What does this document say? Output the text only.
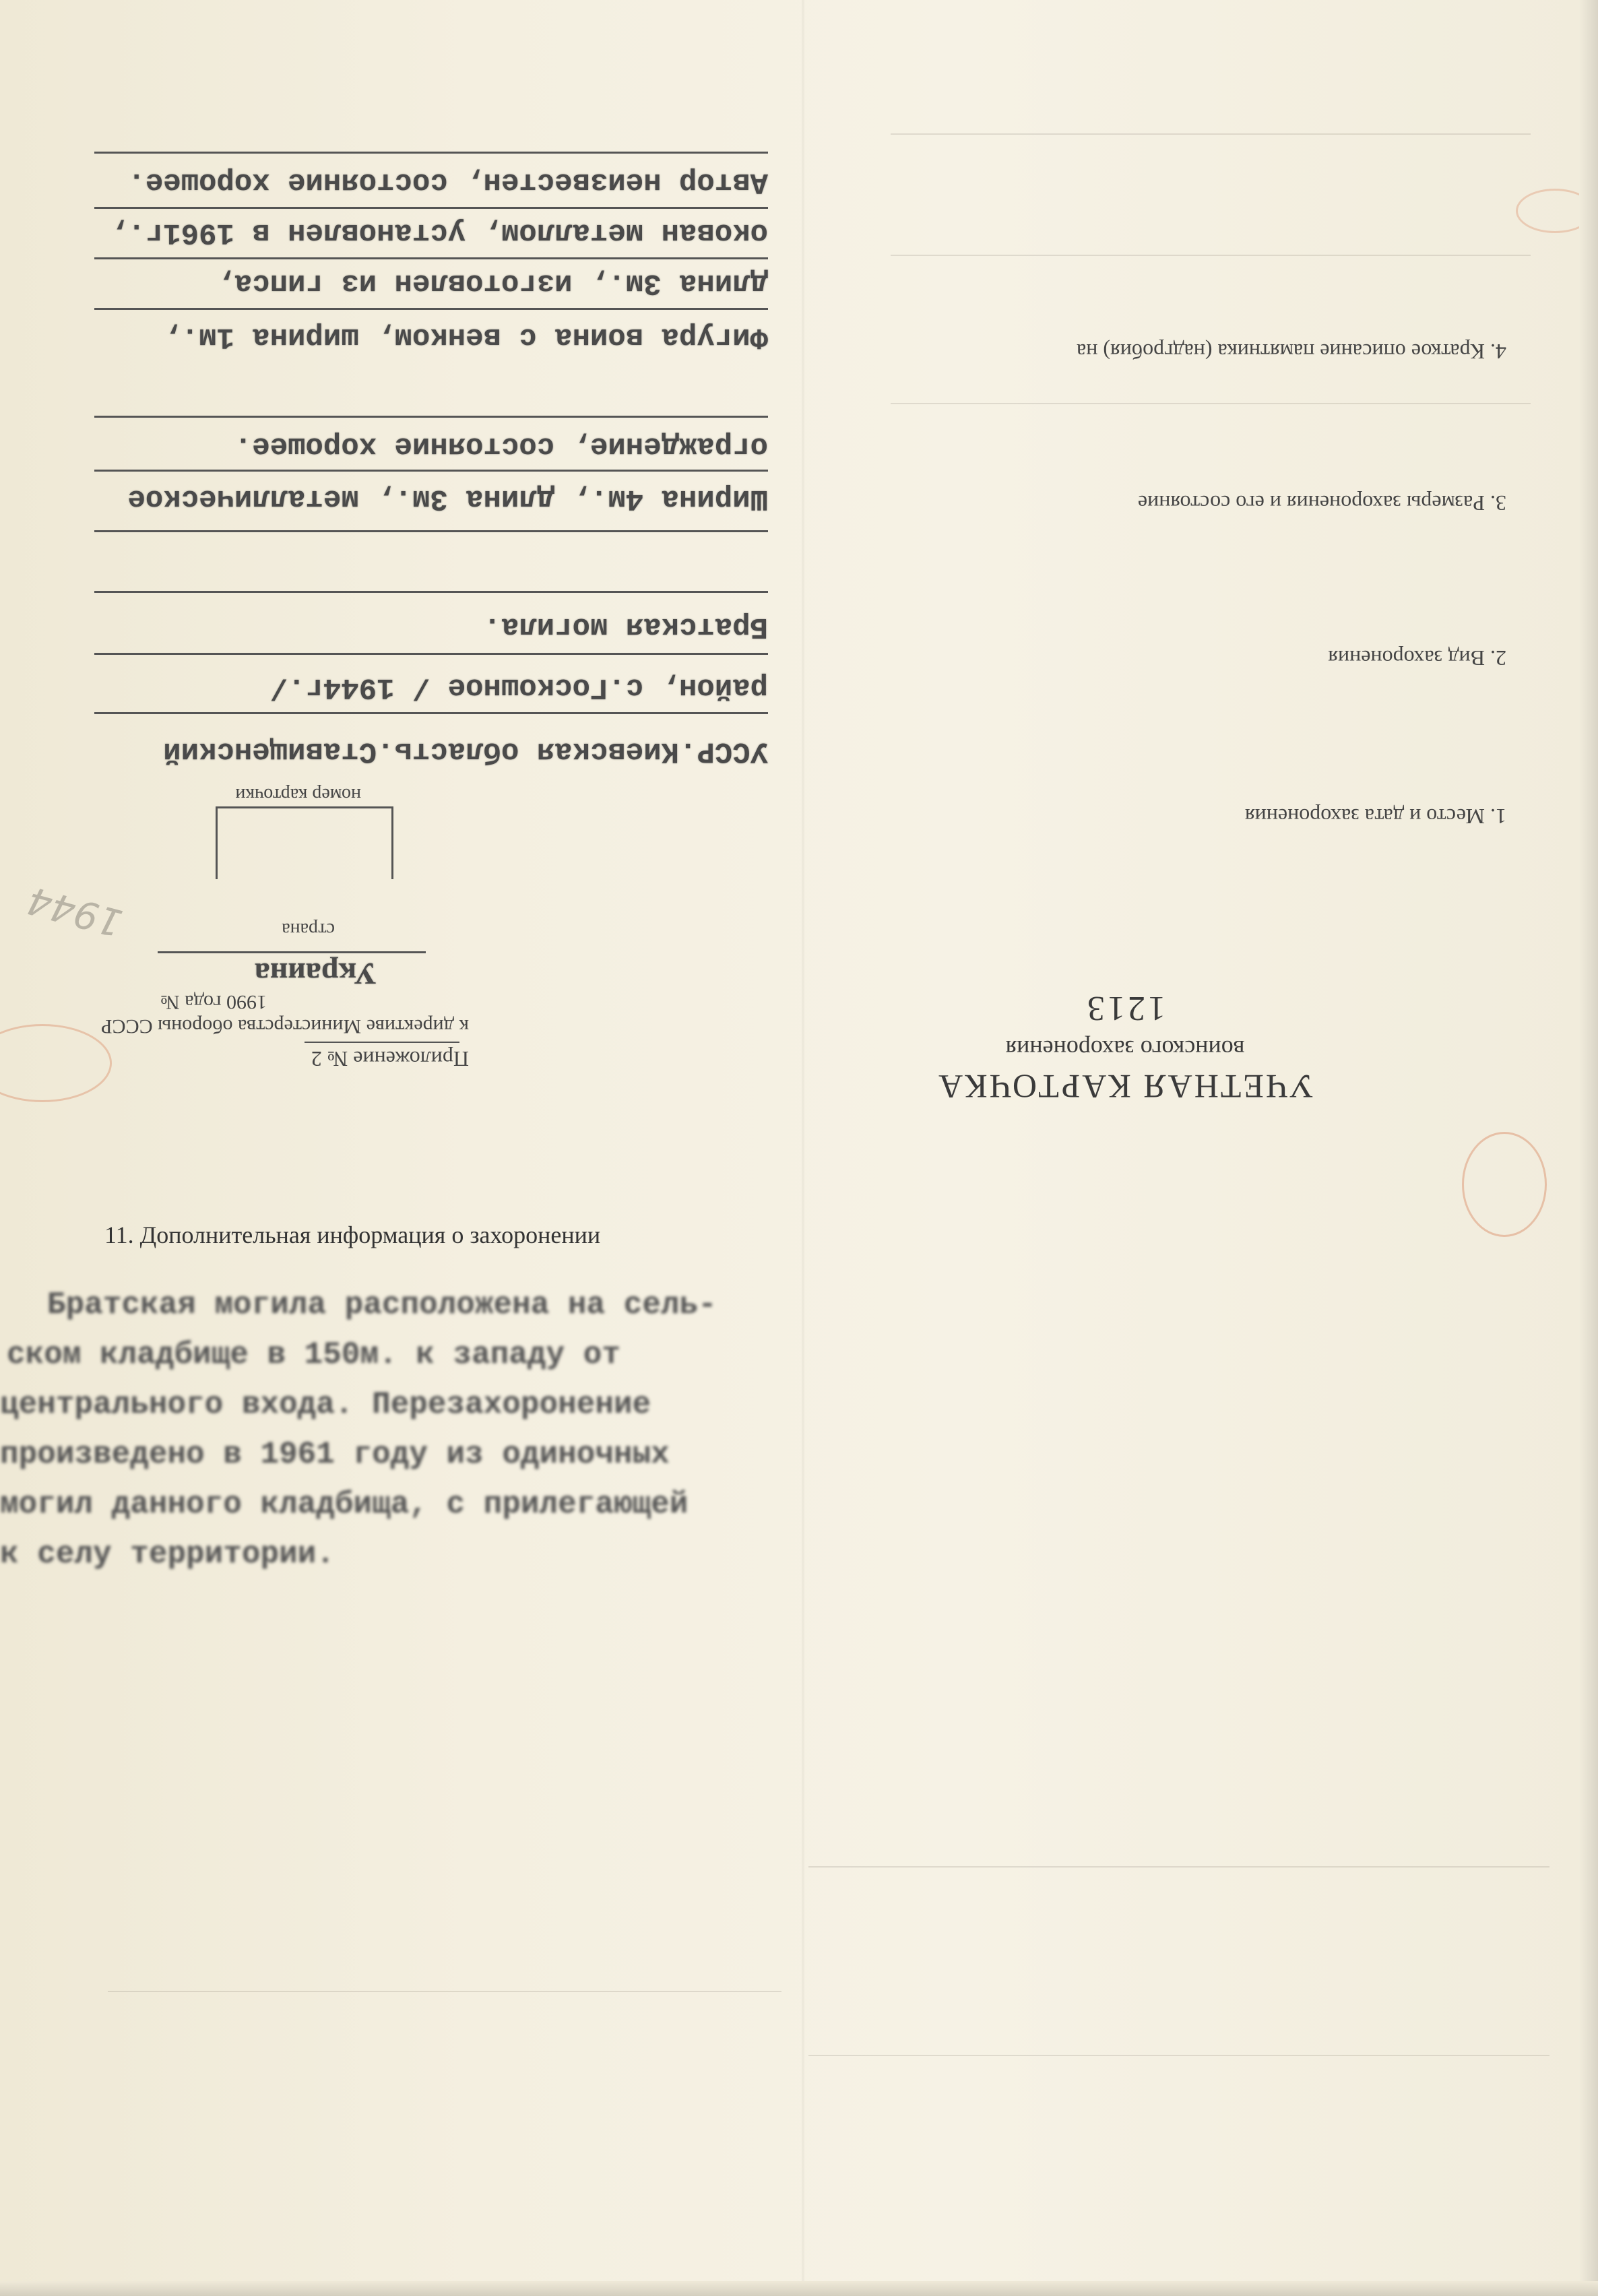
УЧЕТНАЯ КАРТОЧКА
воинского захоронения
1213
Приложение № 2
к директиве Министерства обороны СССР
1990 года №
Украина
страна
номер карточки
1. Место и дата захоронения
УССР.Киевская область.Ставищенский
район, с.Госкошное / 1944г./
2. Вид захоронения
Братская могила.
3. Размеры захоронения и его состояние
Ширина 4м., длина 3м., металлическое
ограждение, состояние хорошее.
4. Краткое описание памятника (надгробия) на
Фигура воина с венком, ширина 1м.,
длина 3м., изготовлен из гипса,
окован металлом, установлен в 1961г.,
Автор неизвестен, состояние хорошее.
1944
11. Дополнительная информация о захоронении
Братская могила расположена на сель-
ском кладбище в 150м. к западу от
центрального входа. Перезахоронение
произведено в 1961 году из одиночных
могил данного кладбища, с прилегающей
к селу территории.
